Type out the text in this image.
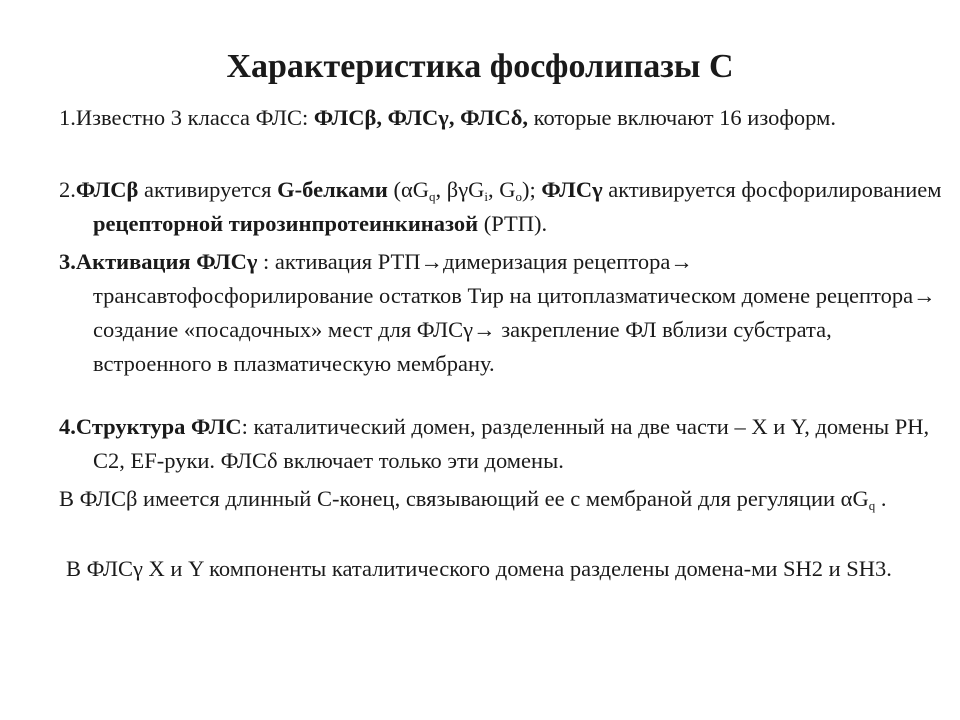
Характеристика фосфолипазы С

1.Известно 3 класса ФЛС: ФЛСβ, ФЛСγ, ФЛСδ, которые включают 16 изоформ.

2.ФЛСβ активируется G-белками ($\alpha G_q$, βγG$_i$, $G_o$); ФЛСγ активируется фосфорилированием рецепторной тирозинпротеинкиназой (РТП).

3.Активация ФЛСγ : активация РТП→димеризация рецептора→ трансавтофосфорилирование остатков Тир на цитоплазматическом домене рецептора→ создание «посадочных» мест для ФЛСγ→ закрепление ФЛ вблизи субстрата, встроенного в плазматическую мембрану.

4.Структура ФЛС: каталитический домен, разделенный на две части – X и Y, домены PH, C2, EF-руки. ФЛСδ включает только эти домены.

В ФЛСβ имеется длинный С-конец, связывающий ее с мембраной для регуляции $\alpha G_q$ .

В ФЛСγ X и Y компоненты каталитического домена разделены домена-ми SH2 и SH3.
